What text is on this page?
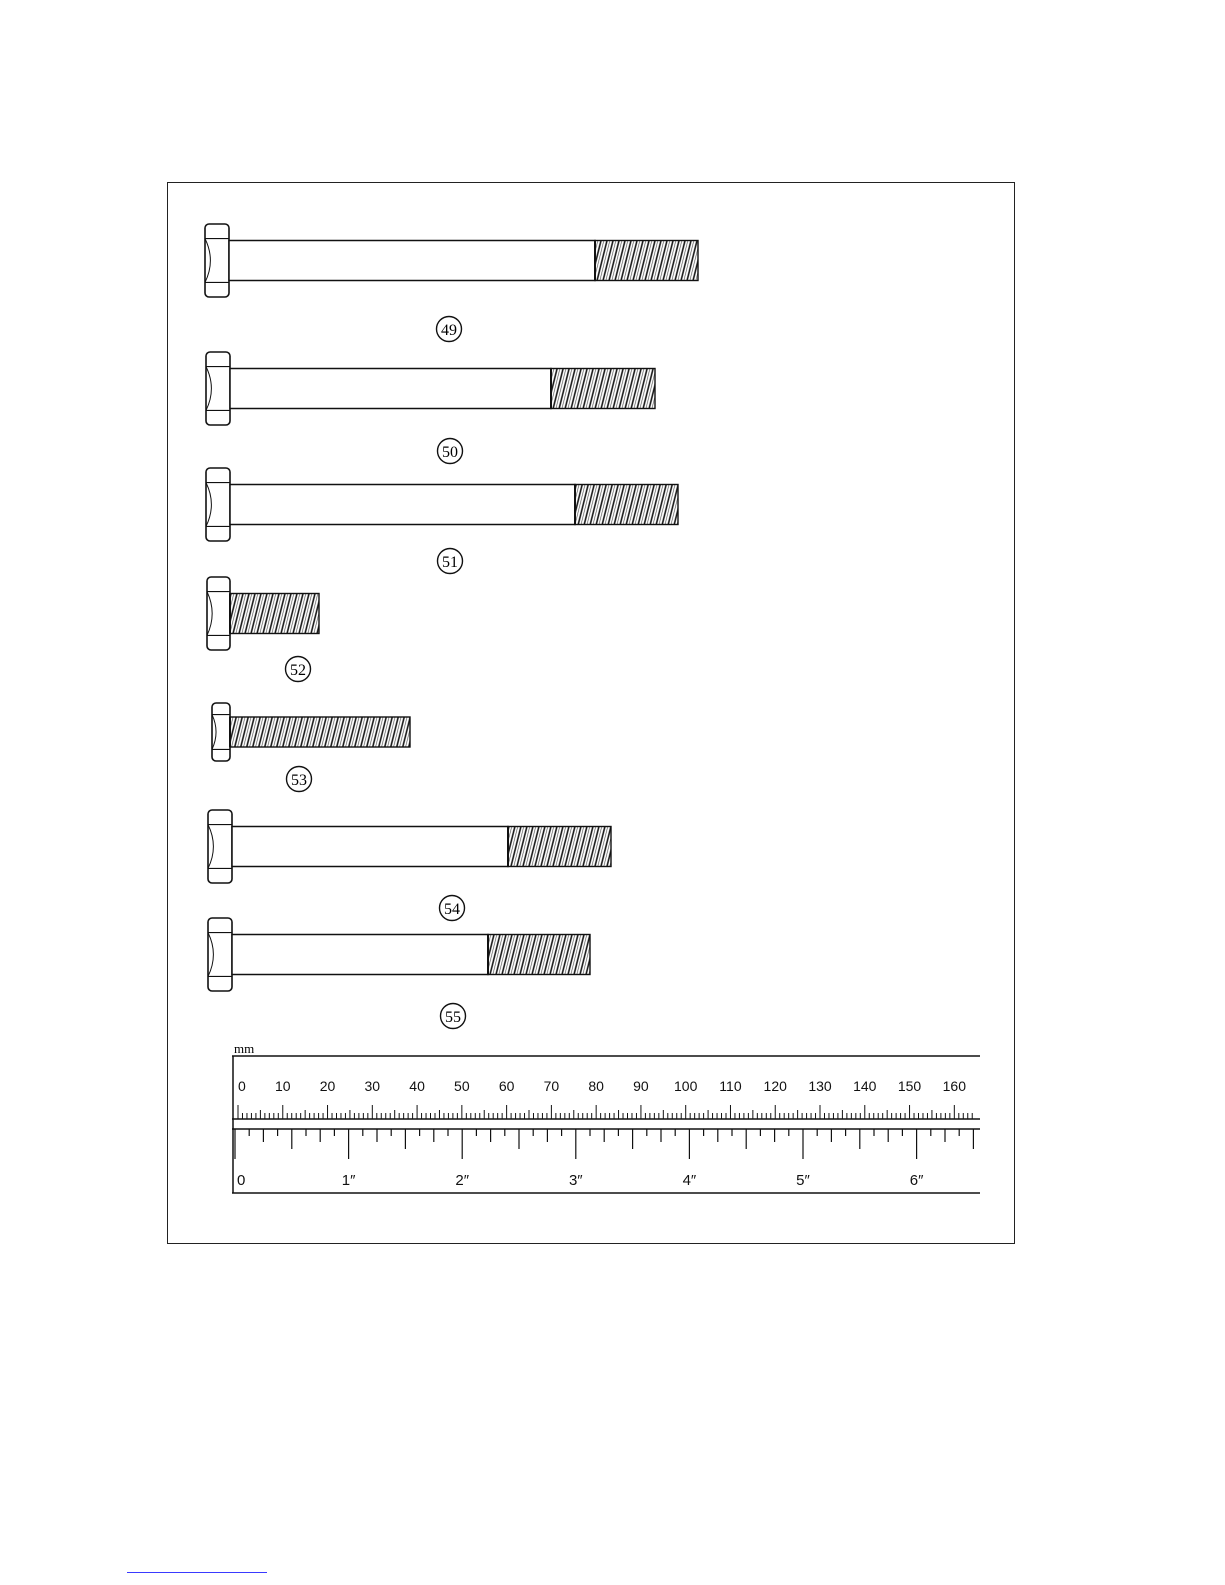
49
50
51
52
53
54
55
mm
0 10 20 30 40 50 60 70 80 90 100 110 120 130 140 150 160
0	1″	2″	3″	4″	5″	6″
